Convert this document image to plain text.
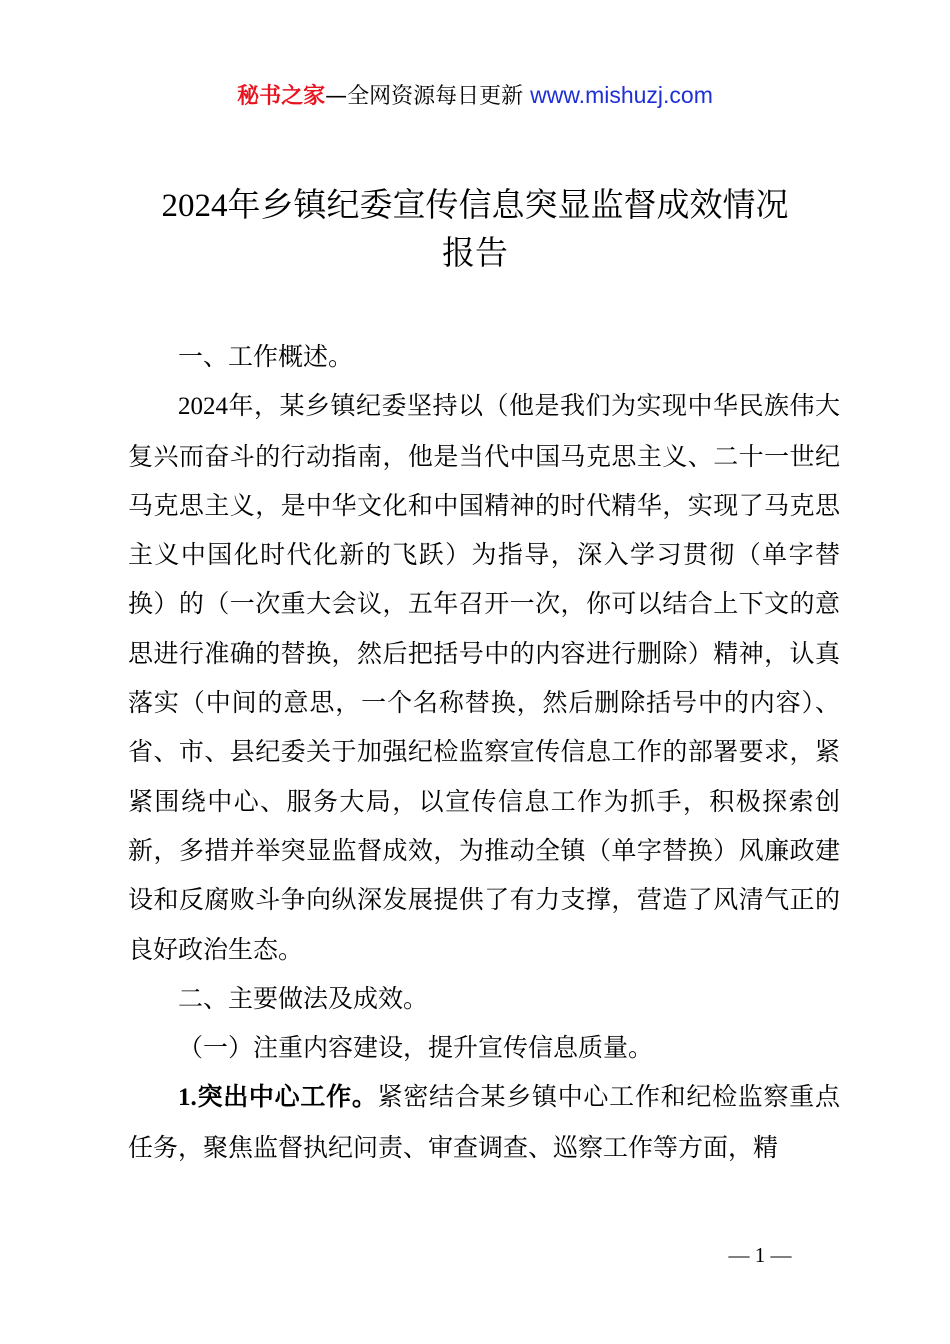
秘书之家—全网资源每日更新 www.mishuzj.com
2024年乡镇纪委宣传信息突显监督成效情况
报告

一、工作概述。

2024年，某乡镇纪委坚持以（他是我们为实现中华民族伟大复兴而奋斗的行动指南，他是当代中国马克思主义、二十一世纪马克思主义，是中华文化和中国精神的时代精华，实现了马克思主义中国化时代化新的飞跃）为指导，深入学习贯彻（单字替换）的（一次重大会议，五年召开一次，你可以结合上下文的意思进行准确的替换，然后把括号中的内容进行删除）精神，认真落实（中间的意思，一个名称替换，然后删除括号中的内容）、省、市、县纪委关于加强纪检监察宣传信息工作的部署要求，紧紧围绕中心、服务大局，以宣传信息工作为抓手，积极探索创新，多措并举突显监督成效，为推动全镇（单字替换）风廉政建设和反腐败斗争向纵深发展提供了有力支撑，营造了风清气正的良好政治生态。

二、主要做法及成效。

（一）注重内容建设，提升宣传信息质量。

1.突出中心工作。紧密结合某乡镇中心工作和纪检监察重点任务，聚焦监督执纪问责、审查调查、巡察工作等方面，精

— 1 —
